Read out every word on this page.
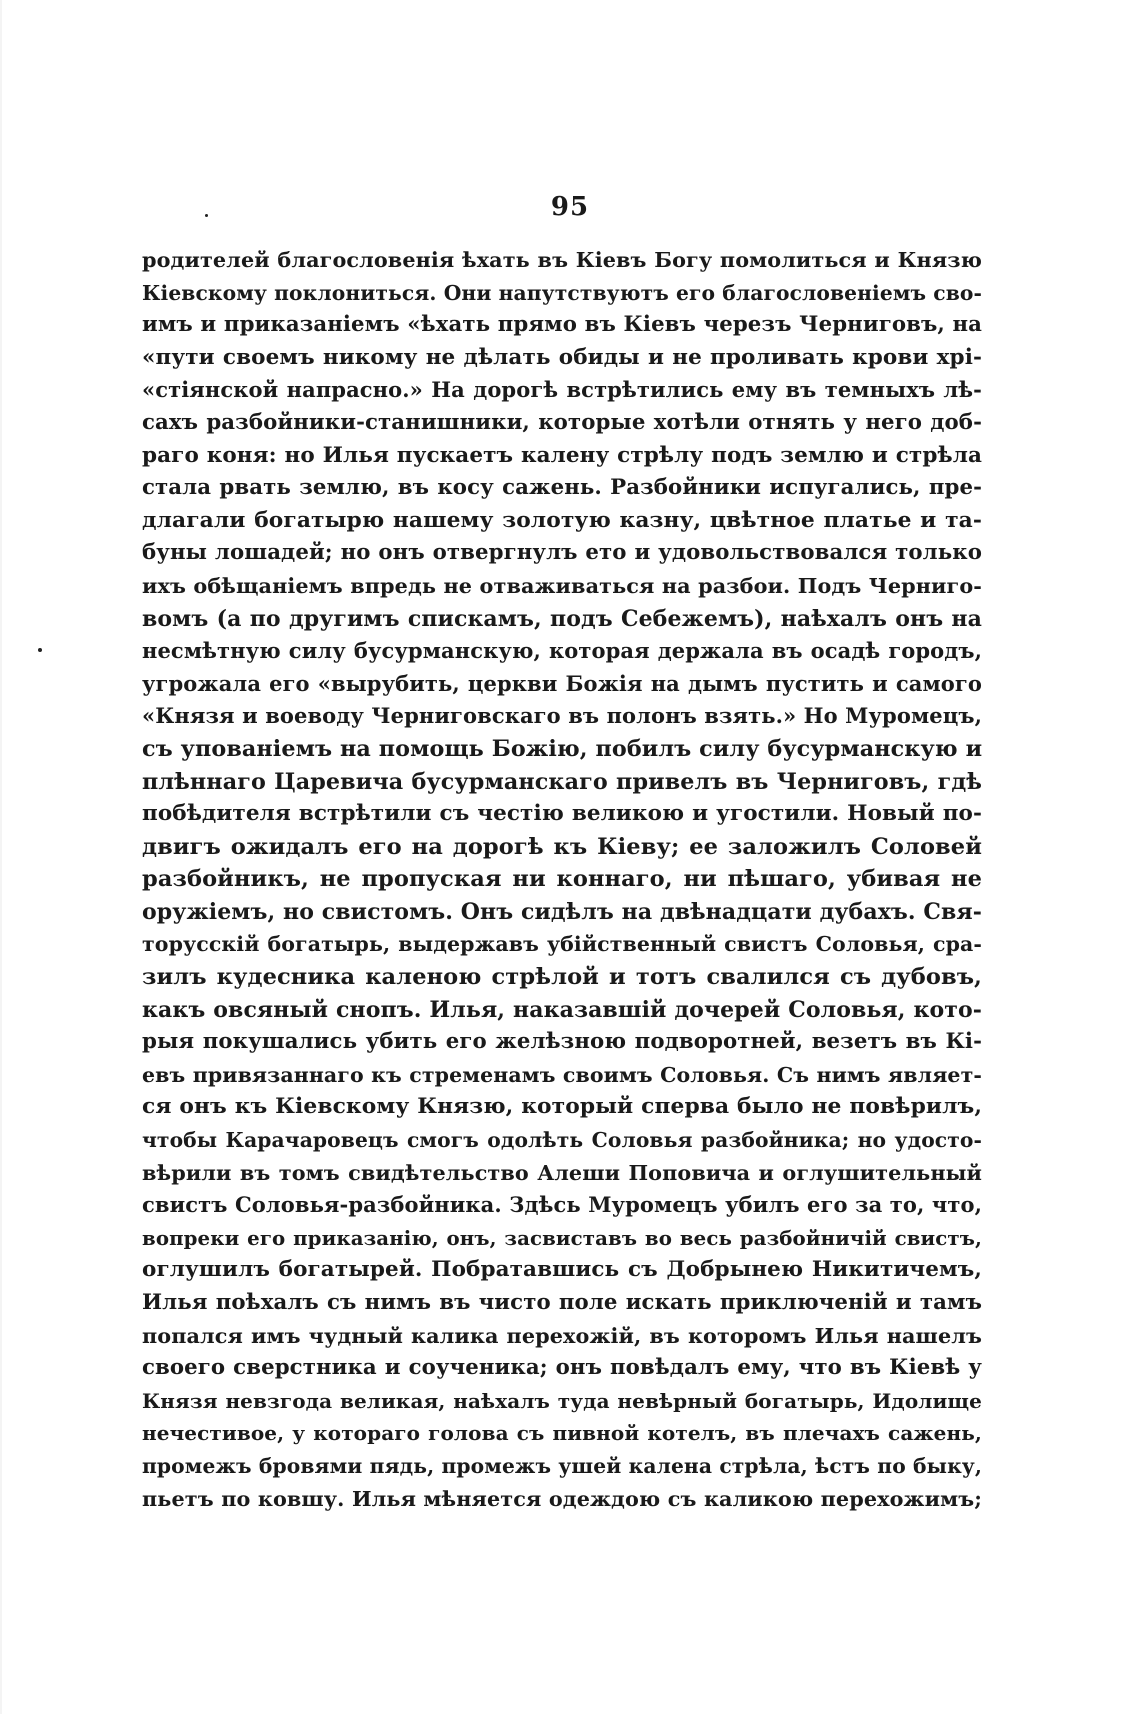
95
родителей благословенія ѣхать въ Кіевъ Богу помолиться и Князю
Кіевскому поклониться. Они напутствуютъ его благословеніемъ сво-
имъ и приказаніемъ «ѣхать прямо въ Кіевъ черезъ Черниговъ, на
«пути своемъ никому не дѣлать обиды и не проливать крови хрі-
«стіянской напрасно.» На дорогѣ встрѣтились ему въ темныхъ лѣ-
сахъ разбойники-станишники, которые хотѣли отнять у него доб-
раго коня: но Илья пускаетъ калену стрѣлу подъ землю и стрѣла
стала рвать землю, въ косу сажень. Разбойники испугались, пре-
длагали богатырю нашему золотую казну, цвѣтное платье и та-
буны лошадей; но онъ отвергнулъ ето и удовольствовался только
ихъ обѣщаніемъ впредь не отваживаться на разбои. Подъ Чернигo-
вомъ (а по другимъ спискамъ, подъ Себежемъ), наѣхалъ онъ на
несмѣтную силу бусурманскую, которая держала въ осадѣ городъ,
угрожала его «вырубить, церкви Божія на дымъ пустить и самого
«Князя и воеводу Черниговскаго въ полонъ взять.» Но Муромецъ,
съ упованіемъ на помощь Божію, побилъ силу бусурманскую и
плѣннаго Царевича бусурманскаго привелъ въ Черниговъ, гдѣ
побѣдителя встрѣтили съ честію великою и угостили. Новый по-
двигъ ожидалъ его на дорогѣ къ Кіеву; ее заложилъ Соловей
разбойникъ, не пропуская ни коннаго, ни пѣшаго, убивая не
оружіемъ, но свистомъ. Онъ сидѣлъ на двѣнадцати дубахъ. Свя-
торусскій богатырь, выдержавъ убійственный свистъ Соловья, сра-
зилъ кудесника каленою стрѣлой и тотъ свалился съ дубовъ,
какъ овсяный снопъ. Илья, наказавшій дочерей Соловья, кото-
рыя покушались убить его желѣзною подворотней, везетъ въ Кі-
евъ привязаннаго къ стременамъ своимъ Соловья. Съ нимъ являет-
ся онъ къ Кіевскому Князю, который сперва было не повѣрилъ,
чтобы Карачаровецъ смогъ одолѣть Соловья разбойника; но удосто-
вѣрили въ томъ свидѣтельство Алеши Поповича и оглушительный
свистъ Соловья-разбойника. Здѣсь Муромецъ убилъ его за то, что,
вопреки его приказанію, онъ, засвиставъ во весь разбойничій свистъ,
оглушилъ богатырей. Побратавшись съ Добрынею Никитичемъ,
Илья поѣхалъ съ нимъ въ чисто поле искать приключеній и тамъ
попался имъ чудный калика перехожій, въ которомъ Илья нашелъ
своего сверстника и соученика; онъ повѣдалъ ему, что въ Кіевѣ у
Князя невзгода великая, наѣхалъ туда невѣрный богатырь, Идолище
нечестивое, у котораго голова съ пивной котелъ, въ плечахъ сажень,
промежъ бровями пядь, промежъ ушей калена стрѣла, ѣстъ по быку,
пьетъ по ковшу. Илья мѣняется одеждою съ каликою перехожимъ;
